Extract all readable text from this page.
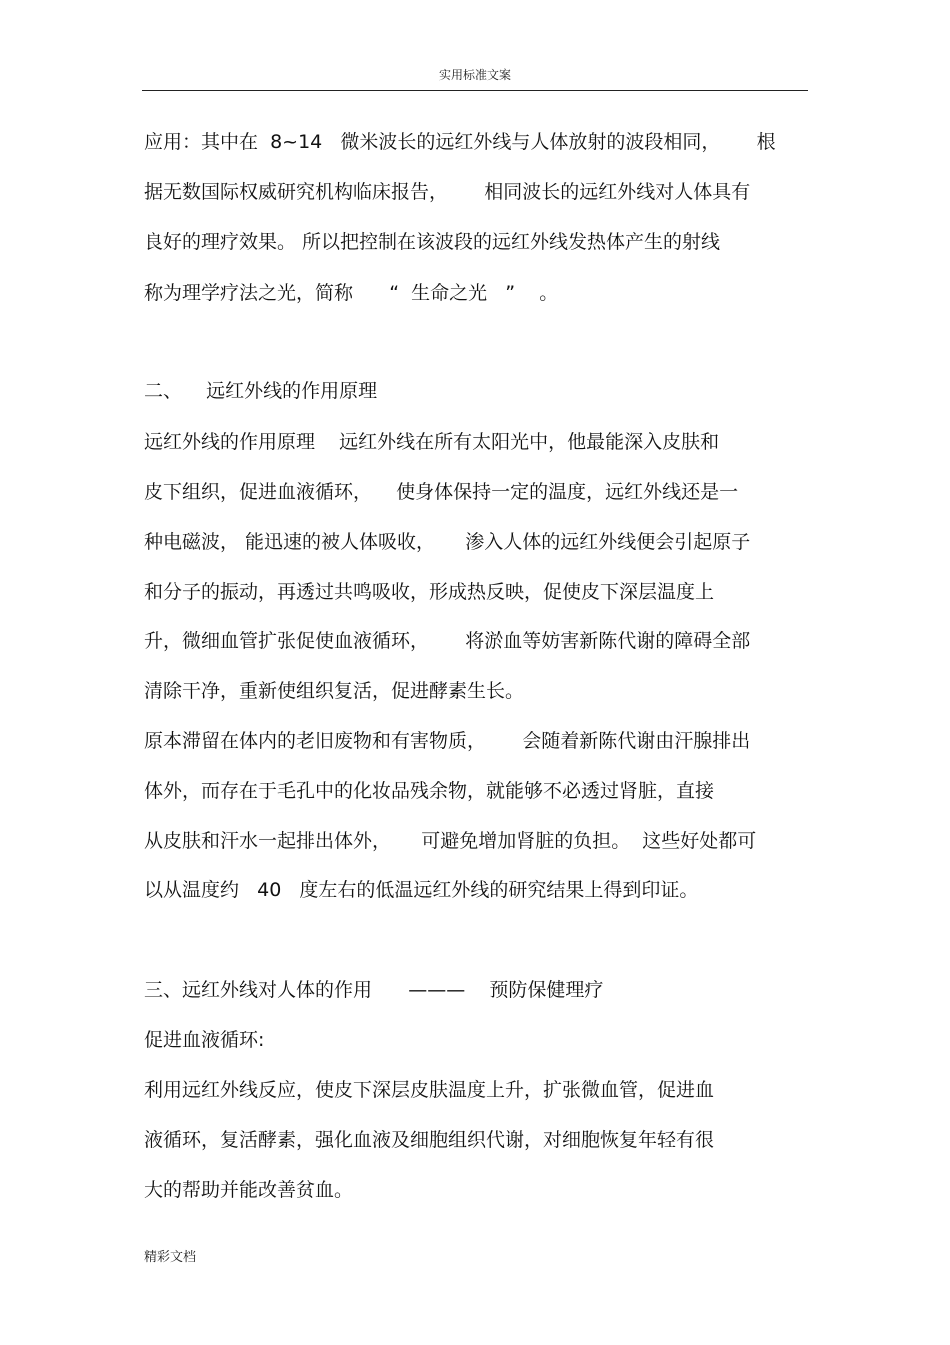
实用标准文案
应用：其中在  8~14   微米波长的远红外线与人体放射的波段相同，      根
据无数国际权威研究机构临床报告，      相同波长的远红外线对人体具有
良好的理疗效果。 所以把控制在该波段的远红外线发热体产生的射线
称为理学疗法之光，简称      “  生命之光   ”    。
二、    远红外线的作用原理
远红外线的作用原理    远红外线在所有太阳光中，他最能深入皮肤和
皮下组织，促进血液循环，    使身体保持一定的温度，远红外线还是一
种电磁波， 能迅速的被人体吸收，     渗入人体的远红外线便会引起原子
和分子的振动，再透过共鸣吸收，形成热反映，促使皮下深层温度上
升，微细血管扩张促使血液循环，      将淤血等妨害新陈代谢的障碍全部
清除干净，重新使组织复活，促进酵素生长。
原本滞留在体内的老旧废物和有害物质，      会随着新陈代谢由汗腺排出
体外，而存在于毛孔中的化妆品残余物，就能够不必透过肾脏，直接
从皮肤和汗水一起排出体外，     可避免增加肾脏的负担。  这些好处都可
以从温度约   40   度左右的低温远红外线的研究结果上得到印证。
三、远红外线对人体的作用      ———    预防保健理疗
促进血液循环:
利用远红外线反应，使皮下深层皮肤温度上升，扩张微血管，促进血
液循环，复活酵素，强化血液及细胞组织代谢，对细胞恢复年轻有很
大的帮助并能改善贫血。
精彩文档
